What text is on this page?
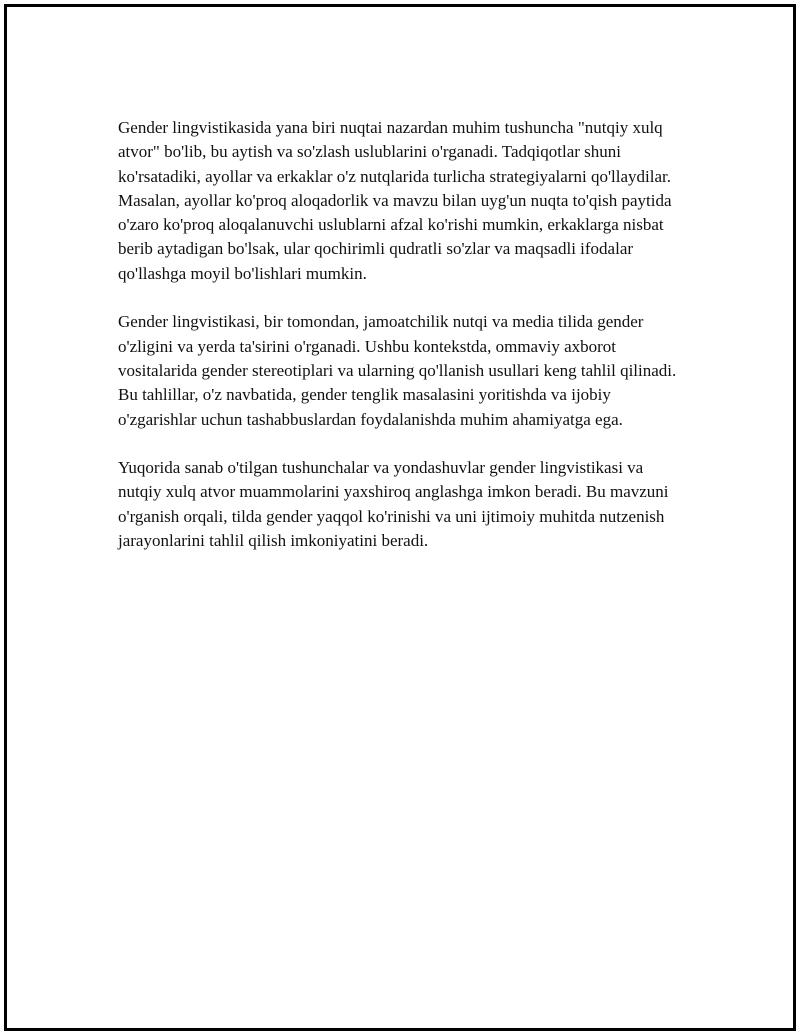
Gender lingvistikasida yana biri nuqtai nazardan muhim tushuncha "nutqiy xulq atvor" bo'lib, bu aytish va so'zlash uslublarini o'rganadi. Tadqiqotlar shuni ko'rsatadiki, ayollar va erkaklar o'z nutqlarida turlicha strategiyalarni qo'llaydilar. Masalan, ayollar ko'proq aloqadorlik va mavzu bilan uyg'un nuqta to'qish paytida o'zaro ko'proq aloqalanuvchi uslublarni afzal ko'rishi mumkin, erkaklarga nisbat berib aytadigan bo'lsak, ular qochirimli qudratli so'zlar va maqsadli ifodalar qo'llashga moyil bo'lishlari mumkin.

Gender lingvistikasi, bir tomondan, jamoatchilik nutqi va media tilida gender o'zligini va yerda ta'sirini o'rganadi. Ushbu kontekstda, ommaviy axborot vositalarida gender stereotiplari va ularning qo'llanish usullari keng tahlil qilinadi. Bu tahlillar, o'z navbatida, gender tenglik masalasini yoritishda va ijobiy o'zgarishlar uchun tashabbuslardan foydalanishda muhim ahamiyatga ega.

Yuqorida sanab o'tilgan tushunchalar va yondashuvlar gender lingvistikasi va nutqiy xulq atvor muammolarini yaxshiroq anglashga imkon beradi. Bu mavzuni o'rganish orqali, tilda gender yaqqol ko'rinishi va uni ijtimoiy muhitda nutzenish jarayonlarini tahlil qilish imkoniyatini beradi.
